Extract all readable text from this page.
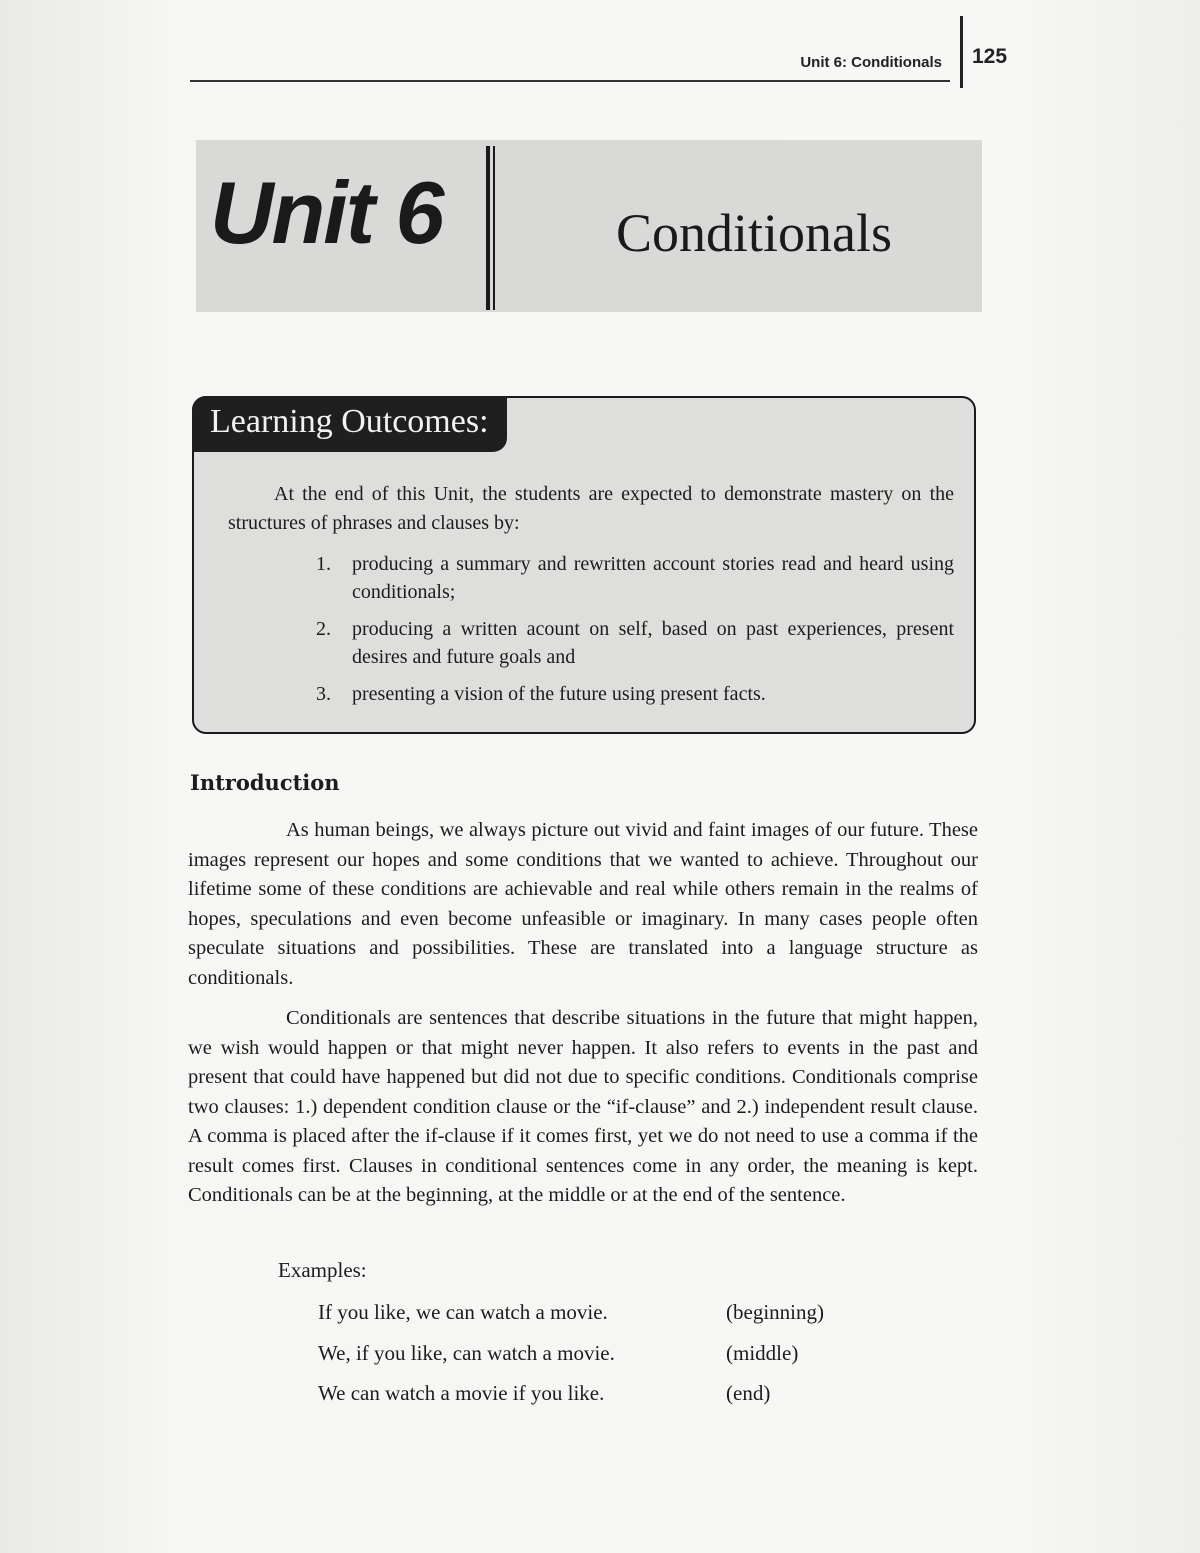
Unit 6: Conditionals 125
Unit 6	Conditionals
Learning Outcomes:
At the end of this Unit, the students are expected to demonstrate mastery on the structures of phrases and clauses by:
1. producing a summary and rewritten account stories read and heard using conditionals;
2. producing a written acount on self, based on past experiences, present desires and future goals and
3. presenting a vision of the future using present facts.
Introduction

As human beings, we always picture out vivid and faint images of our future. These images represent our hopes and some conditions that we wanted to achieve. Throughout our lifetime some of these conditions are achievable and real while others remain in the realms of hopes, speculations and even become unfeasible or imaginary. In many cases people often speculate situations and possibilities. These are translated into a language structure as conditionals.

Conditionals are sentences that describe situations in the future that might happen, we wish would happen or that might never happen. It also refers to events in the past and present that could have happened but did not due to specific conditions. Conditionals comprise two clauses: 1.) dependent condition clause or the “if-clause” and 2.) independent result clause. A comma is placed after the if-clause if it comes first, yet we do not need to use a comma if the result comes first. Clauses in conditional sentences come in any order, the meaning is kept. Conditionals can be at the beginning, at the middle or at the end of the sentence.

Examples:
If you like, we can watch a movie.	(beginning)
We, if you like, can watch a movie.	(middle)
We can watch a movie if you like.	(end)
